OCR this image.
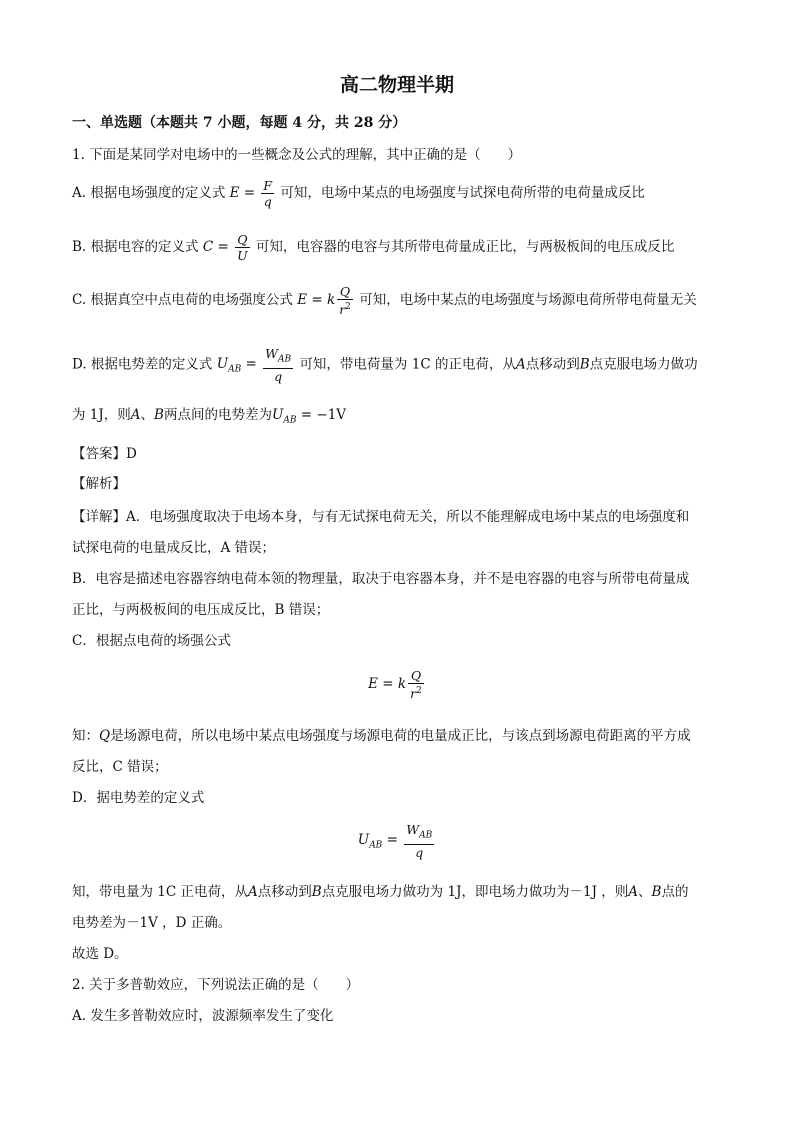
高二物理半期
一、单选题（本题共 7 小题，每题 4 分，共 28 分）
1. 下面是某同学对电场中的一些概念及公式的理解，其中正确的是（　　）
A. 根据电场强度的定义式 $E = \frac{F}{q}$ 可知，电场中某点的电场强度与试探电荷所带的电荷量成反比
B. 根据电容的定义式 $C = \frac{Q}{U}$ 可知，电容器的电容与其所带电荷量成正比，与两极板间的电压成反比
C. 根据真空中点电荷的电场强度公式 E = k $\frac{Q}{r^2}$ 可知，电场中某点的电场强度与场源电荷所带电荷量无关
D. 根据电势差的定义式 $U_{AB} = \frac{W_{AB}}{q}$ 可知，带电荷量为 1C 的正电荷，从A点移动到B点克服电场力做功
为 1J，则A、B两点间的电势差为$U_{AB} = -1V$
【答案】D
【解析】
【详解】A．电场强度取决于电场本身，与有无试探电荷无关，所以不能理解成电场中某点的电场强度和
试探电荷的电量成反比，A 错误；
B．电容是描述电容器容纳电荷本领的物理量，取决于电容器本身，并不是电容器的电容与所带电荷量成
正比，与两极板间的电压成反比，B 错误；
C．根据点电荷的场强公式
E = k $\frac{Q}{r^2}$
知：Q是场源电荷，所以电场中某点电场强度与场源电荷的电量成正比，与该点到场源电荷距离的平方成
反比，C 错误；
D．据电势差的定义式
$U_{AB} = \frac{W_{AB}}{q}$
知，带电量为 1C 正电荷，从A点移动到B点克服电场力做功为 1J，即电场力做功为－1J ，则A、B点的
电势差为－1V ，D 正确。
故选 D。
2. 关于多普勒效应，下列说法正确的是（　　）
A. 发生多普勒效应时，波源频率发生了变化
